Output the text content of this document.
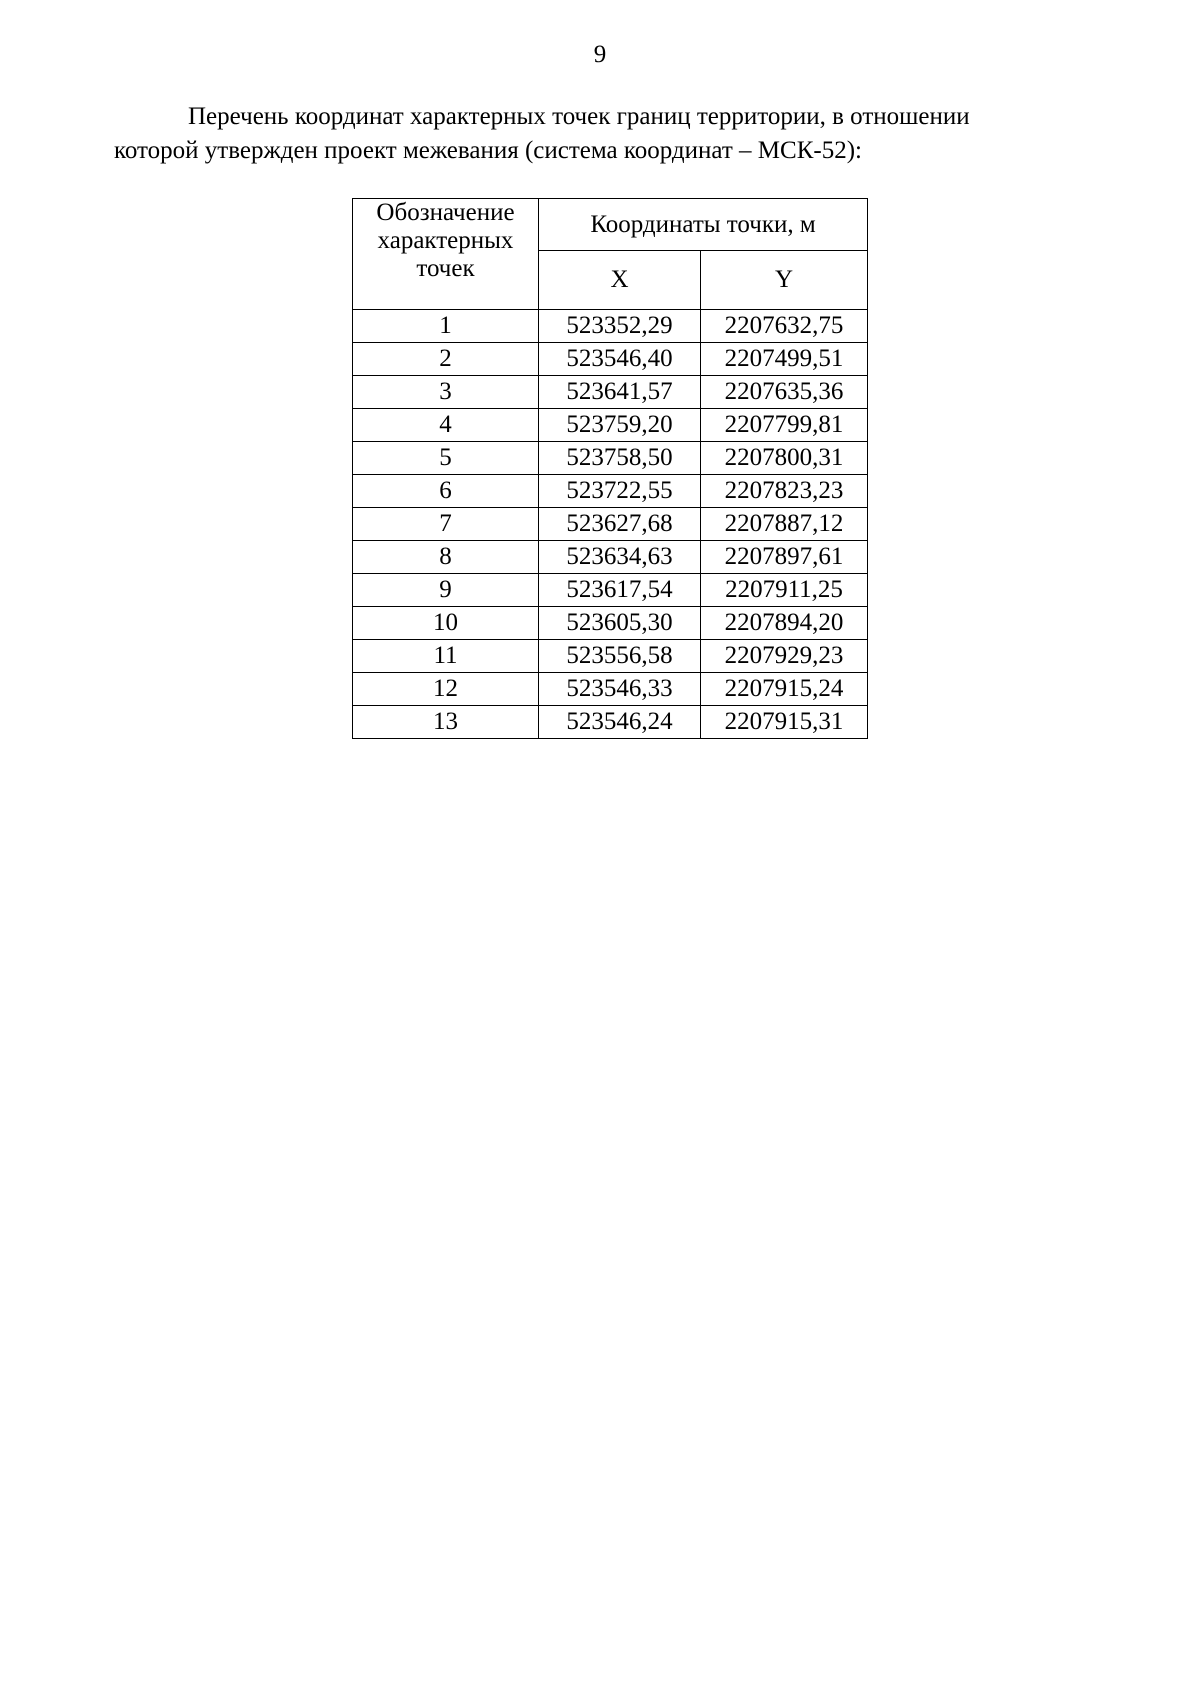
9
Перечень координат характерных точек границ территории, в отношении
которой утвержден проект межевания (система координат – МСК-52):
Обозначение
характерных
точек	Координаты точки, м	
	X	Y
1	523352,29	2207632,75
2	523546,40	2207499,51
3	523641,57	2207635,36
4	523759,20	2207799,81
5	523758,50	2207800,31
6	523722,55	2207823,23
7	523627,68	2207887,12
8	523634,63	2207897,61
9	523617,54	2207911,25
10	523605,30	2207894,20
11	523556,58	2207929,23
12	523546,33	2207915,24
13	523546,24	2207915,31
